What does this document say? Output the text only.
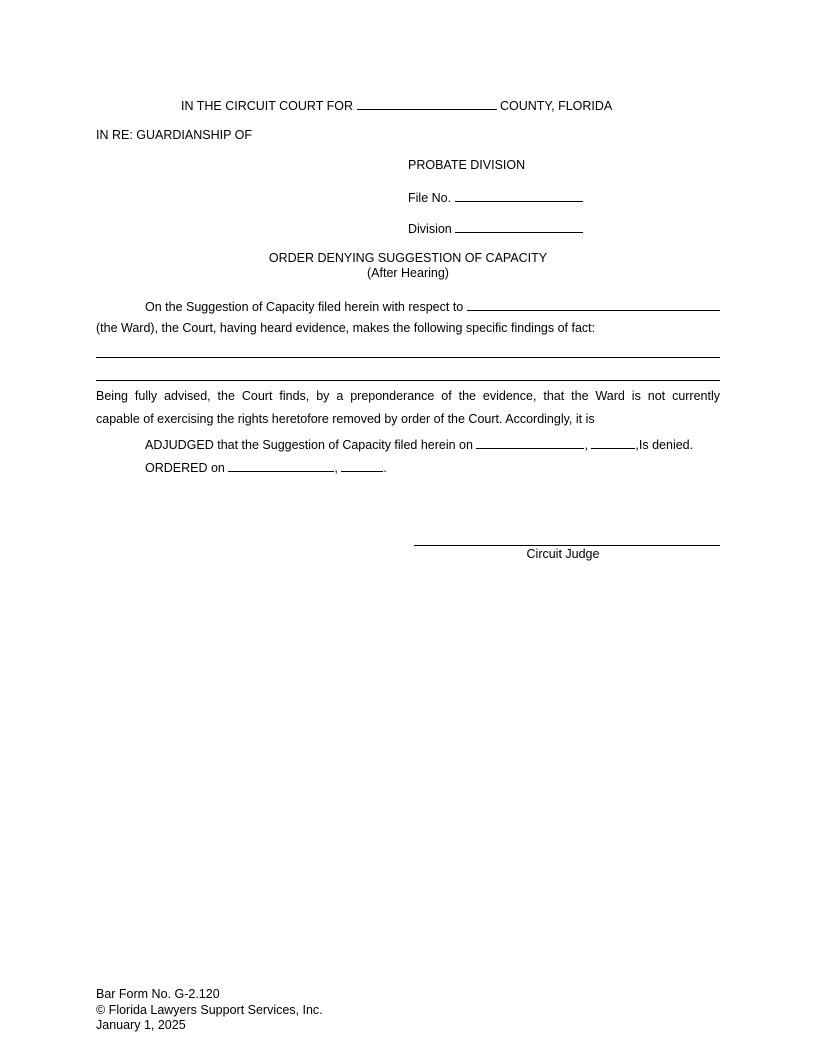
IN THE CIRCUIT COURT FOR	COUNTY, FLORIDA
IN RE: GUARDIANSHIP OF
PROBATE DIVISION
File No.
Division
ORDER DENYING SUGGESTION OF CAPACITY
(After Hearing)
On the Suggestion of Capacity filed herein with respect to
(the Ward), the Court, having heard evidence, makes the following specific findings of fact:
Being fully advised, the Court finds, by a preponderance of the evidence, that the Ward is not currently
capable of exercising the rights heretofore removed by order of the Court. Accordingly, it is
ADJUDGED that the Suggestion of Capacity filed herein on	,	,Is denied.
ORDERED on	,	.
Circuit Judge
Bar Form No. G-2.120
© Florida Lawyers Support Services, Inc.
January 1, 2025
